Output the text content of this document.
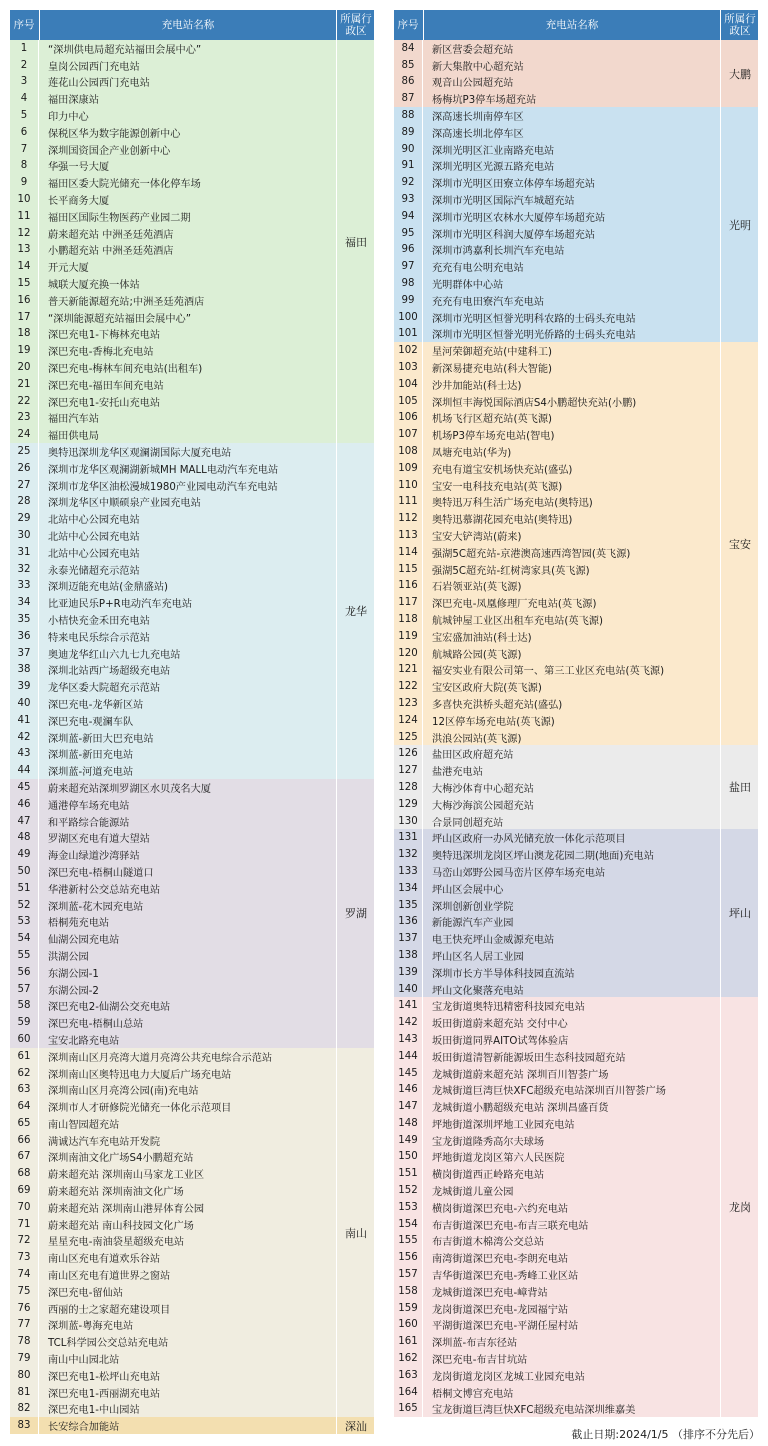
序号	充电站名称	所属行政区
1	“深圳供电局超充站福田会展中心”
2	皇岗公园西门充电站
3	莲花山公园西门充电站
4	福田深康站
5	印力中心
6	保税区华为数字能源创新中心
7	深圳国资国企产业创新中心
8	华强一号大厦
9	福田区委大院光储充一体化停车场
10	长平商务大厦
11	福田区国际生物医药产业园二期
12	蔚来超充站 中洲圣廷苑酒店
13	小鹏超充站 中洲圣廷苑酒店
14	开元大厦
15	城联大厦充换一体站
16	普天新能源超充站;中洲圣廷苑酒店
17	“深圳能源超充站福田会展中心”
18	深巴充电1-下梅林充电站
19	深巴充电-香梅北充电站
20	深巴充电-梅林车间充电站(出租车)
21	深巴充电-福田车间充电站
22	深巴充电1-安托山充电站
23	福田汽车站
24	福田供电局
福田
25	奥特迅深圳龙华区观澜湖国际大厦充电站
26	深圳市龙华区观澜湖新城MH MALL电动汽车充电站
27	深圳市龙华区油松漫城1980产业园电动汽车充电站
28	深圳龙华区中顺硕泉产业园充电站
29	北站中心公园充电站
30	北站中心公园充电站
31	北站中心公园充电站
32	永泰光储超充示范站
33	深圳迈能充电站(金鼎盛站)
34	比亚迪民乐P+R电动汽车充电站
35	小桔快充金禾田充电站
36	特来电民乐综合示范站
37	奥迪龙华红山六九七九充电站
38	深圳北站西广场超级充电站
39	龙华区委大院超充示范站
40	深巴充电-龙华新区站
41	深巴充电-观澜车队
42	深圳蓝-新田大巴充电站
43	深圳蓝-新田充电站
44	深圳蓝-河道充电站
龙华
45	蔚来超充站深圳罗湖区水贝茂名大厦
46	通港停车场充电站
47	和平路综合能源站
48	罗湖区充电有道大望站
49	海金山绿道沙湾驿站
50	深巴充电-梧桐山隧道口
51	华港新村公交总站充电站
52	深圳蓝-花木园充电站
53	梧桐苑充电站
54	仙湖公园充电站
55	洪湖公园
56	东湖公园-1
57	东湖公园-2
58	深巴充电2-仙湖公交充电站
59	深巴充电-梧桐山总站
60	宝安北路充电站
罗湖
61	深圳南山区月亮湾大道月亮湾公共充电综合示范站
62	深圳南山区奥特迅电力大厦后广场充电站
63	深圳南山区月亮湾公园(南)充电站
64	深圳市人才研修院光储充一体化示范项目
65	南山智园超充站
66	满诚达汽车充电站开发院
67	深圳南油文化广场S4小鹏超充站
68	蔚来超充站 深圳南山马家龙工业区
69	蔚来超充站 深圳南油文化广场
70	蔚来超充站 深圳南山港昇体育公园
71	蔚来超充站 南山科技园文化广场
72	星星充电-南油袋星超级充电站
73	南山区充电有道欢乐谷站
74	南山区充电有道世界之窗站
75	深巴充电-留仙站
76	西丽的士之家超充建设项目
77	深圳蓝-粤海充电站
78	TCL科学园公交总站充电站
79	南山中山园北站
80	深巴充电1-松坪山充电站
81	深巴充电1-西丽湖充电站
82	深巴充电1-中山园站
南山
83	长安综合加能站	深汕
序号	充电站名称	所属行政区
84	新区营委会超充站
85	新大集散中心超充站
86	观音山公园超充站
87	杨梅坑P3停车场超充站
大鹏
88	深高速长圳南停车区
89	深高速长圳北停车区
90	深圳光明区汇业南路充电站
91	深圳光明区光源五路充电站
92	深圳市光明区田寮立体停车场超充站
93	深圳市光明区国际汽车城超充站
94	深圳市光明区农林水大厦停车场超充站
95	深圳市光明区科润大厦停车场超充站
96	深圳市鸿嘉利长圳汽车充电站
97	充充有电公明充电站
98	光明群体中心站
99	充充有电田寮汽车充电站
100	深圳市光明区恒誉光明科农路的士码头充电站
101	深圳市光明区恒誉光明光侨路的士码头充电站
光明
102	星河荣御超充站(中建科工)
103	新深易捷充电站(科大智能)
104	沙井加能站(科士达)
105	深圳恒丰海悦国际酒店S4小鹏超快充站(小鹏)
106	机场飞行区超充站(英飞源)
107	机场P3停车场充电站(智电)
108	凤塘充电站(华为)
109	充电有道宝安机场快充站(盛弘)
110	宝安一电科技充电站(英飞源)
111	奥特迅万科生活广场充电站(奥特迅)
112	奥特迅慕湖花园充电站(奥特迅)
113	宝安大铲湾站(蔚来)
114	强湖5C超充站-京港澳高速西湾智园(英飞源)
115	强湖5C超充站-红树湾家具(英飞源)
116	石岩领亚站(英飞源)
117	深巴充电-凤凰修理厂充电站(英飞源)
118	航城钟屋工业区出租车充电站(英飞源)
119	宝宏盛加油站(科士达)
120	航城路公园(英飞源)
121	福安实业有限公司第一、第三工业区充电站(英飞源)
122	宝安区政府大院(英飞源)
123	多喜快充洪桥头超充站(盛弘)
124	12区停车场充电站(英飞源)
125	洪浪公园站(英飞源)
宝安
126	盐田区政府超充站
127	盐港充电站
128	大梅沙体育中心超充站
129	大梅沙海滨公园超充站
130	合景同创超充站
盐田
131	坪山区政府一办风光储充放一体化示范项目
132	奥特迅深圳龙岗区坪山澳龙花园二期(地面)充电站
133	马峦山郊野公园马峦片区停车场充电站
134	坪山区会展中心
135	深圳创新创业学院
136	新能源汽车产业园
137	电王快充坪山金威源充电站
138	坪山区名人居工业园
139	深圳市长方半导体科技园直流站
140	坪山文化聚落充电站
坪山
141	宝龙街道奥特迅精密科技园充电站
142	坂田街道蔚来超充站 交付中心
143	坂田街道同界AITO试驾体验店
144	坂田街道清智新能源坂田生态科技园超充站
145	龙城街道蔚来超充站 深圳百川智荟广场
146	龙城街道巨湾巨快XFC超级充电站深圳百川智荟广场
147	龙城街道小鹏超级充电站 深圳昌盛百货
148	坪地街道深圳坪地工业园充电站
149	宝龙街道隆秀高尔夫球场
150	坪地街道龙岗区第六人民医院
151	横岗街道西正岭路充电站
152	龙城街道儿童公园
153	横岗街道深巴充电-六约充电站
154	布吉街道深巴充电-布吉三联充电站
155	布吉街道木棉湾公交总站
156	南湾街道深巴充电-李朗充电站
157	吉华街道深巴充电-秀峰工业区站
158	龙城街道深巴充电-嶂背站
159	龙岗街道深巴充电-龙园福宁站
160	平湖街道深巴充电-平湖任屋村站
161	深圳蓝-布吉东径站
162	深巴充电-布吉甘坑站
163	龙岗街道龙岗区龙城工业园充电站
164	梧桐文博宫充电站
165	宝龙街道巨湾巨快XFC超级充电站深圳维嘉美
龙岗
截止日期:2024/1/5 （排序不分先后）
